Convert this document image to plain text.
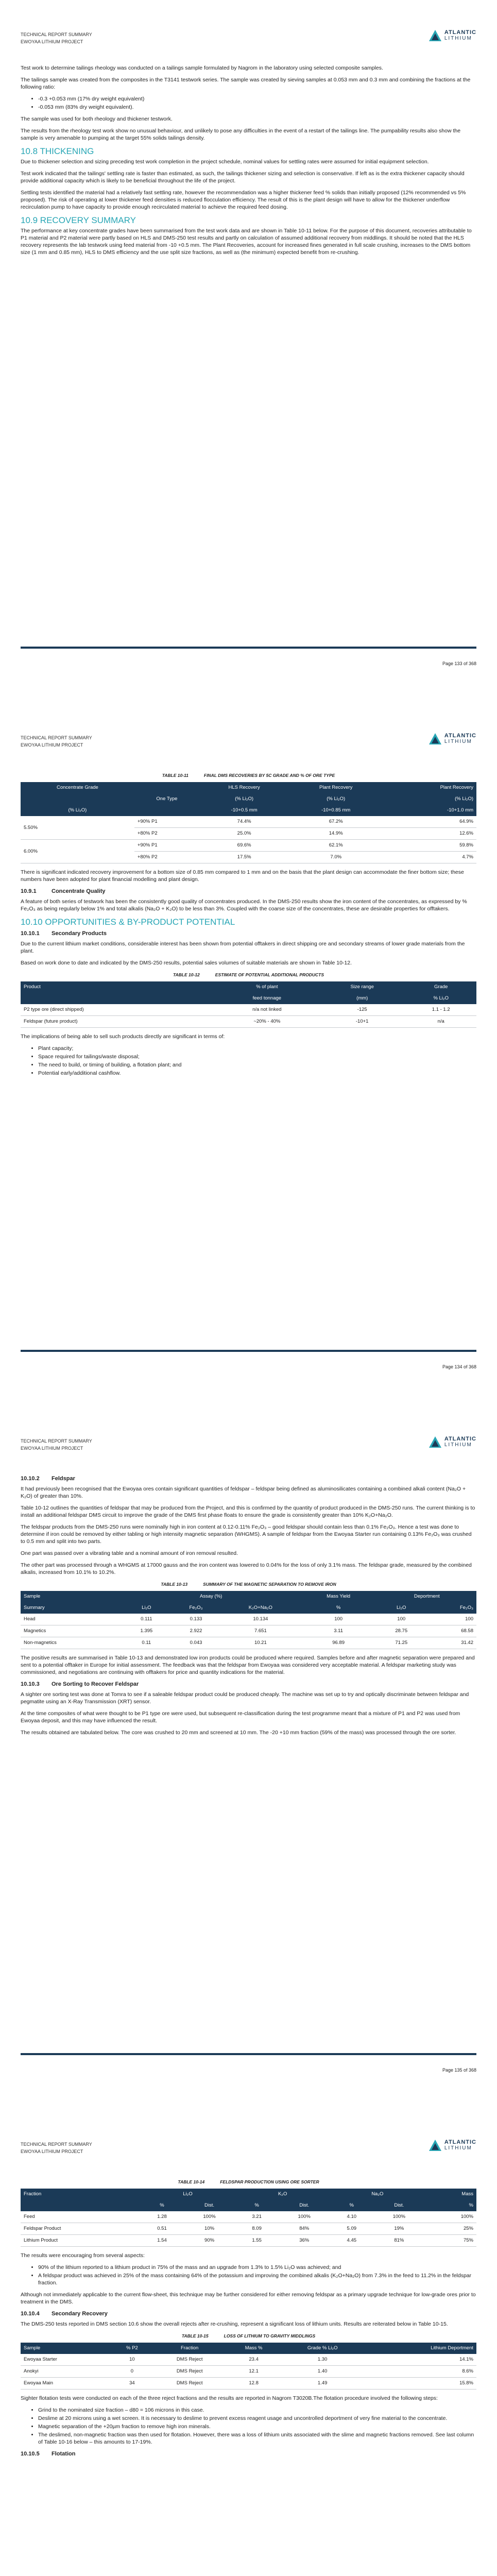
TECHNICAL REPORT SUMMARY
EWOYAA LITHIUM PROJECT
ATLANTIC
LITHIUM

Test work to determine tailings rheology was conducted on a tailings sample formulated by Nagrom in the laboratory using selected composite samples.

The tailings sample was created from the composites in the T3141 testwork series. The sample was created by sieving samples at 0.053 mm and 0.3 mm and combining the fractions at the following ratio:

• -0.3 +0.053 mm (17% dry weight equivalent)
• -0.053 mm (83% dry weight equivalent).

The sample was used for both rheology and thickener testwork.

The results from the rheology test work show no unusual behaviour, and unlikely to pose any difficulties in the event of a restart of the tailings line. The pumpability results also show the sample is very amenable to pumping at the target 55% solids tailings density.

10.8 THICKENING

Due to thickener selection and sizing preceding test work completion in the project schedule, nominal values for settling rates were assumed for initial equipment selection.

Test work indicated that the tailings' settling rate is faster than estimated, as such, the tailings thickener sizing and selection is conservative. If left as is the extra thickener capacity should provide additional capacity which is likely to be beneficial throughout the life of the project.

Settling tests identified the material had a relatively fast settling rate, however the recommendation was a higher thickener feed % solids than initially proposed (12% recommended vs 5% proposed). The risk of operating at lower thickener feed densities is reduced flocculation efficiency. The result of this is the plant design will have to allow for the thickener underflow recirculation pump to have capacity to provide enough recirculated material to achieve the required feed dosing.

10.9 RECOVERY SUMMARY

The performance at key concentrate grades have been summarised from the test work data and are shown in Table 10-11 below. For the purpose of this document, recoveries attributable to P1 material and P2 material were partly based on HLS and DMS-250 test results and partly on calculation of assumed additional recovery from middlings. It should be noted that the HLS recovery represents the lab testwork using feed material from -10 +0.5 mm. The Plant Recoveries, account for increased fines generated in full scale crushing, increases to the DMS bottom size (1 mm and 0.85 mm), HLS to DMS efficiency and the use split size fractions, as well as (the minimum) expected benefit from re-crushing.

Page 133 of 368
TECHNICAL REPORT SUMMARY
EWOYAA LITHIUM PROJECT
ATLANTIC
LITHIUM
TABLE 10-11	FINAL DMS RECOVERIES BY 5C GRADE AND % OF ORE TYPE
Concentrate Grade	One Type	HLS Recovery	Plant Recovery	Plant Recovery
		(% Li₂O)	(% Li₂O)	(% Li₂O)
(% Li₂O)		-10+0.5 mm	-10+0.85 mm	-10+1.0 mm
5.50%	+90% P1	74.4%	67.2%	64.9%
	+80% P2	25.0%	14.9%	12.6%
6.00%	+90% P1	69.6%	62.1%	59.8%
	+80% P2	17.5%	7.0%	4.7%

There is significant indicated recovery improvement for a bottom size of 0.85 mm compared to 1 mm and on the basis that the plant design can accommodate the finer bottom size; these numbers have been adopted for plant financial modelling and plant design.

10.9.1	Concentrate Quality

A feature of both series of testwork has been the consistently good quality of concentrates produced. In the DMS-250 results show the iron content of the concentrates, as expressed by % Fe₂O₃ as being regularly below 1% and total alkalis (Na₂O + K₂O) to be less than 3%. Coupled with the coarse size of the concentrates, these are desirable properties for offtakers.

10.10 OPPORTUNITIES & BY-PRODUCT POTENTIAL
10.10.1 Secondary Products

Due to the current lithium market conditions, considerable interest has been shown from potential offtakers in direct shipping ore and secondary streams of lower grade materials from the plant.

Based on work done to date and indicated by the DMS-250 results, potential sales volumes of suitable materials are shown in Table 10-12.

TABLE 10-12	ESTIMATE OF POTENTIAL ADDITIONAL PRODUCTS
Product	% of plant	Size range	Grade
	feed tonnage	(mm)	% Li₂O
P2 type ore (direct shipped)	n/a not linked	-125	1.1 - 1.2
Feldspar (future product)	~20% - 40%	-10+1	n/a

The implications of being able to sell such products directly are significant in terms of:

• Plant capacity;
• Space required for tailings/waste disposal;
• The need to build, or timing of building, a flotation plant; and
• Potential early/additional cashflow.
Page 134 of 368
TECHNICAL REPORT SUMMARY
EWOYAA LITHIUM PROJECT
ATLANTIC
LITHIUM
10.10.2 Feldspar

It had previously been recognised that the Ewoyaa ores contain significant quantities of feldspar – feldspar being defined as aluminosilicates containing a combined alkali content (Na₂O + K₂O) of greater than 10%.

Table 10-12 outlines the quantities of feldspar that may be produced from the Project, and this is confirmed by the quantity of product produced in the DMS-250 runs. The current thinking is to install an additional feldspar DMS circuit to improve the grade of the DMS first phase floats to ensure the grade is consistently greater than 10% K₂O+Na₂O.

The feldspar products from the DMS-250 runs were nominally high in iron content at 0.12-0.11% Fe₂O₃ – good feldspar should contain less than 0.1% Fe₂O₃. Hence a test was done to determine if iron could be removed by either tabling or high intensity magnetic separation (WHGMS). A sample of feldspar from the Ewoyaa Starter run containing 0.13% Fe₂O₃ was crushed to 0.5 mm and split into two parts.

One part was passed over a vibrating table and a nominal amount of iron removal resulted.

The other part was processed through a WHGMS at 17000 gauss and the iron content was lowered to 0.04% for the loss of only 3.1% mass. The feldspar grade, measured by the combined alkalis, increased from 10.1% to 10.2%.

TABLE 10-13	SUMMARY OF THE MAGNETIC SEPARATION TO REMOVE IRON
Sample	Assay (%)			Mass Yield	Deportment	
Summary	Li₂O	Fe₂O₃	K₂O+Na₂O	%	Li₂O	Fe₂O₃
Head	0.111	0.133	10.134	100	100	100
Magnetics	1.395	2.922	7.651	3.11	28.75	68.58
Non-magnetics	0.11	0.043	10.21	96.89	71.25	31.42

The positive results are summarised in Table 10-13 and demonstrated low iron products could be produced where required. Samples before and after magnetic separation were prepared and sent to a potential offtaker in Europe for initial assessment. The feedback was that the feldspar from Ewoyaa was considered very acceptable material. A feldspar marketing study was commissioned, and negotiations are continuing with offtakers for price and quantity indications for the material.

10.10.3 Ore Sorting to Recover Feldspar

A sighter ore sorting test was done at Tomra to see if a saleable feldspar product could be produced cheaply. The machine was set up to try and optically discriminate between feldspar and pegmatite using an X-Ray Transmission (XRT) sensor.

At the time composites of what were thought to be P1 type ore were used, but subsequent re-classification during the test programme meant that a mixture of P1 and P2 was used from Ewoyaa deposit, and this may have influenced the result.

The results obtained are tabulated below. The core was crushed to 20 mm and screened at 10 mm. The -20 +10 mm fraction (59% of the mass) was processed through the ore sorter.

Page 135 of 368
TECHNICAL REPORT SUMMARY
EWOYAA LITHIUM PROJECT
ATLANTIC
LITHIUM
TABLE 10-14	FELDSPAR PRODUCTION USING ORE SORTER
Fraction	Li₂O		K₂O		Na₂O		Mass
	%	Dist.	%	Dist.	%	Dist.	%
Feed	1.28	100%	3.21	100%	4.10	100%	100%
Feldspar Product	0.51	10%	8.09	84%	5.09	19%	25%
Lithium Product	1.54	90%	1.55	36%	4.45	81%	75%

The results were encouraging from several aspects:

• 90% of the lithium reported to a lithium product in 75% of the mass and an upgrade from 1.3% to 1.5% Li₂O was achieved; and
• A feldspar product was achieved in 25% of the mass containing 64% of the potassium and improving the combined alkalis (K₂O+Na₂O) from 7.3% in the feed to 11.2% in the feldspar fraction.

Although not immediately applicable to the current flow-sheet, this technique may be further considered for either removing feldspar as a primary upgrade technique for low-grade ores prior to treatment in the DMS.

10.10.4 Secondary Recovery

The DMS-250 tests reported in DMS section 10.6 show the overall rejects after re-crushing, represent a significant loss of lithium units. Results are reiterated below in Table 10-15.

TABLE 10-15	LOSS OF LITHIUM TO GRAVITY MIDDLINGS
Sample	% P2	Fraction	Mass %	Grade % Li₂O	Lithium Deportment
Ewoyaa Starter	10	DMS Reject	23.4	1.30	14.1%
Anokyi	0	DMS Reject	12.1	1.40	8.6%
Ewoyaa Main	34	DMS Reject	12.8	1.49	15.8%

Sighter flotation tests were conducted on each of the three reject fractions and the results are reported in Nagrom T3020B.The flotation procedure involved the following steps:

• Grind to the nominated size fraction – d80 = 106 microns in this case.
• Deslime at 20 microns using a wet screen. It is necessary to deslime to prevent excess reagent usage and uncontrolled deportment of very fine material to the concentrate.
• Magnetic separation of the +20µm fraction to remove high iron minerals.
• The deslimed, non-magnetic fraction was then used for flotation. However, there was a loss of lithium units associated with the slime and magnetic fractions removed. See last column of Table 10-16 below – this amounts to 17-19%.
10.10.5 Flotation
